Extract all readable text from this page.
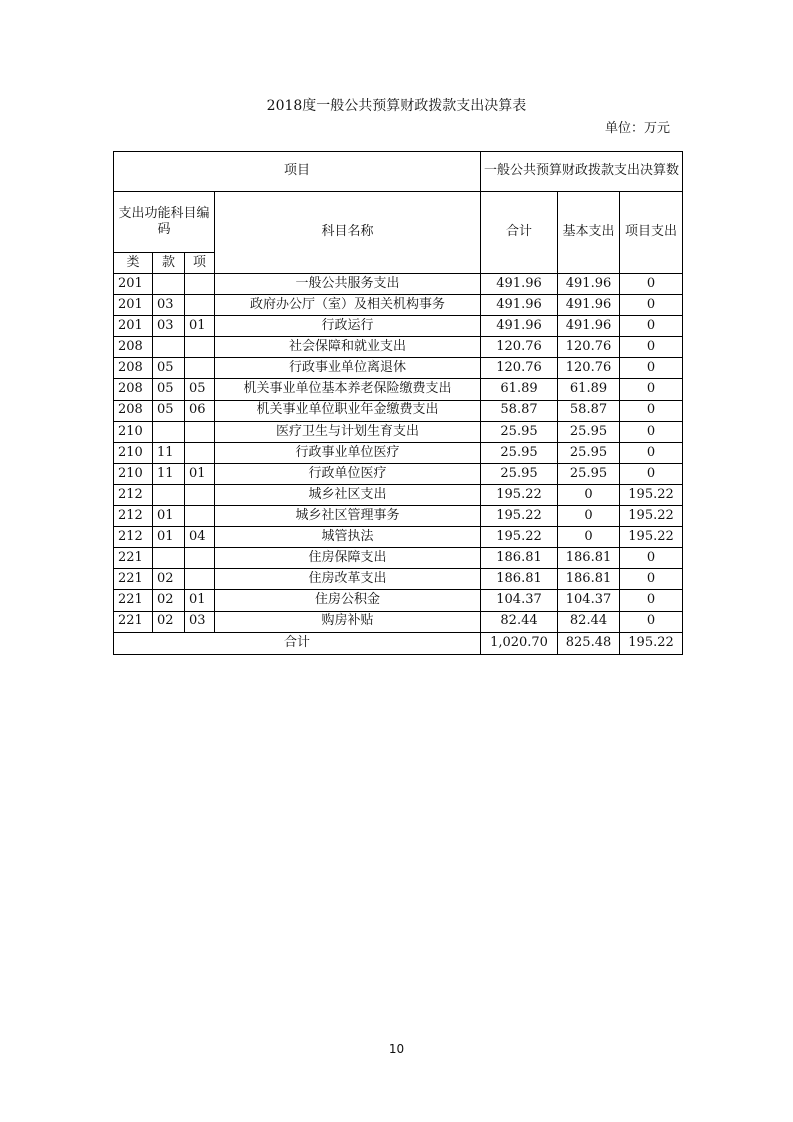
2018度一般公共预算财政拨款支出决算表
单位：万元
项目				一般公共预算财政拨款支出决算数		
支出功能科目编码			科目名称	合计	基本支出	项目支出
类	款	项				
201			一般公共服务支出	491.96	491.96	0
201	03		政府办公厅（室）及相关机构事务	491.96	491.96	0
201	03	01	行政运行	491.96	491.96	0
208			社会保障和就业支出	120.76	120.76	0
208	05		行政事业单位离退休	120.76	120.76	0
208	05	05	机关事业单位基本养老保险缴费支出	61.89	61.89	0
208	05	06	机关事业单位职业年金缴费支出	58.87	58.87	0
210			医疗卫生与计划生育支出	25.95	25.95	0
210	11		行政事业单位医疗	25.95	25.95	0
210	11	01	行政单位医疗	25.95	25.95	0
212			城乡社区支出	195.22	0	195.22
212	01		城乡社区管理事务	195.22	0	195.22
212	01	04	城管执法	195.22	0	195.22
221			住房保障支出	186.81	186.81	0
221	02		住房改革支出	186.81	186.81	0
221	02	01	住房公积金	104.37	104.37	0
221	02	03	购房补贴	82.44	82.44	0
合计				1,020.70	825.48	195.22
10
